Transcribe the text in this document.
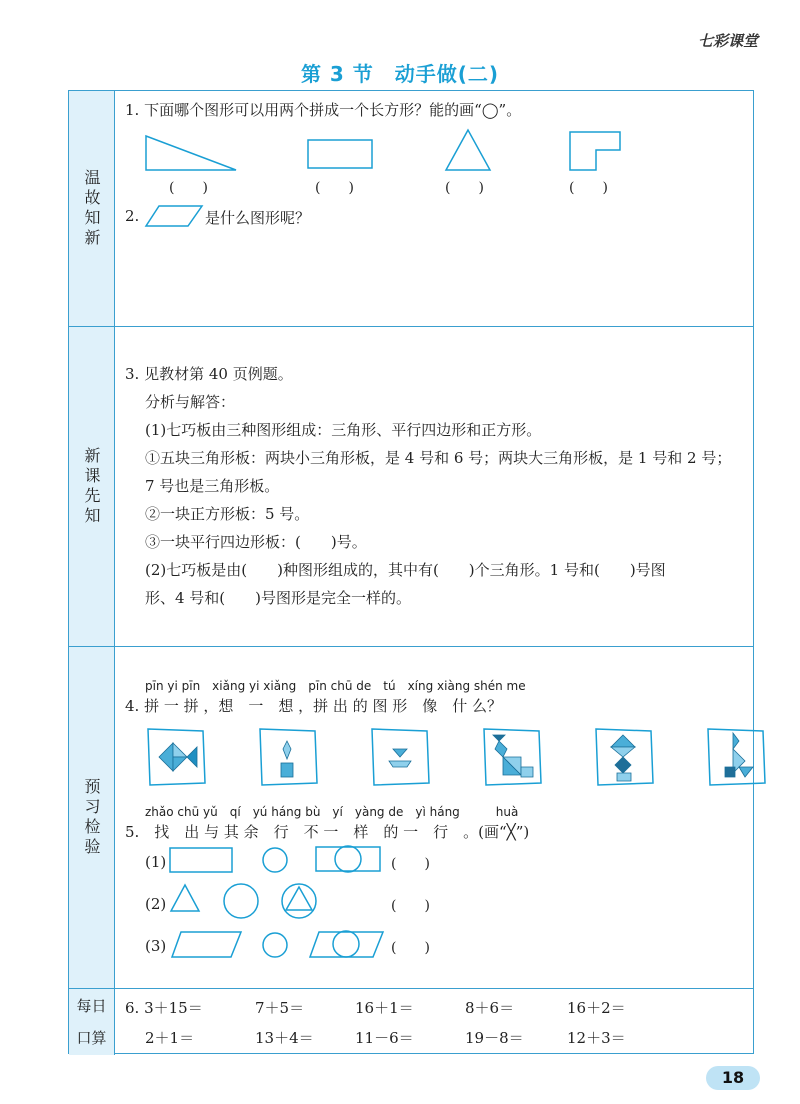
七彩课堂
第 3 节　动手做(二)
温故知新
1. 下面哪个图形可以用两个拼成一个长方形？能的画“◯”。
(　　)	(　　)	(　　)	(　　)
2.	是什么图形呢？
新课先知
3. 见教材第 40 页例题。
分析与解答：
(1)七巧板由三种图形组成：三角形、平行四边形和正方形。
①五块三角形板：两块小三角形板，是 4 号和 6 号；两块大三角形板，是 1 号和 2 号；
7 号也是三角形板。
②一块正方形板：5 号。
③一块平行四边形板：(　　)号。
(2)七巧板是由(　　)种图形组成的，其中有(　　)个三角形。1 号和(　　)号图
形、4 号和(　　)号图形是完全一样的。
预习检验
pīn yi pīn　xiǎng yi xiǎng　pīn chū de　tú　xíng xiàng shén me
4. 拼 一 拼 ，想　一　想 ，拼 出 的 图 形　像　什 么？
zhǎo chū yǔ　qí　yú háng bù　yí　yàng de　yì háng　　　huà
5.　找　出 与 其 余　行　不 一　样　的 一　行　。(画“╳”)
(1)	(　　)
(2)	(　　)
(3)	(　　)
每日
口算
6. 3＋15＝	7＋5＝	16＋1＝	8＋6＝	16＋2＝
2＋1＝	13＋4＝	11－6＝	19－8＝	12＋3＝
18
